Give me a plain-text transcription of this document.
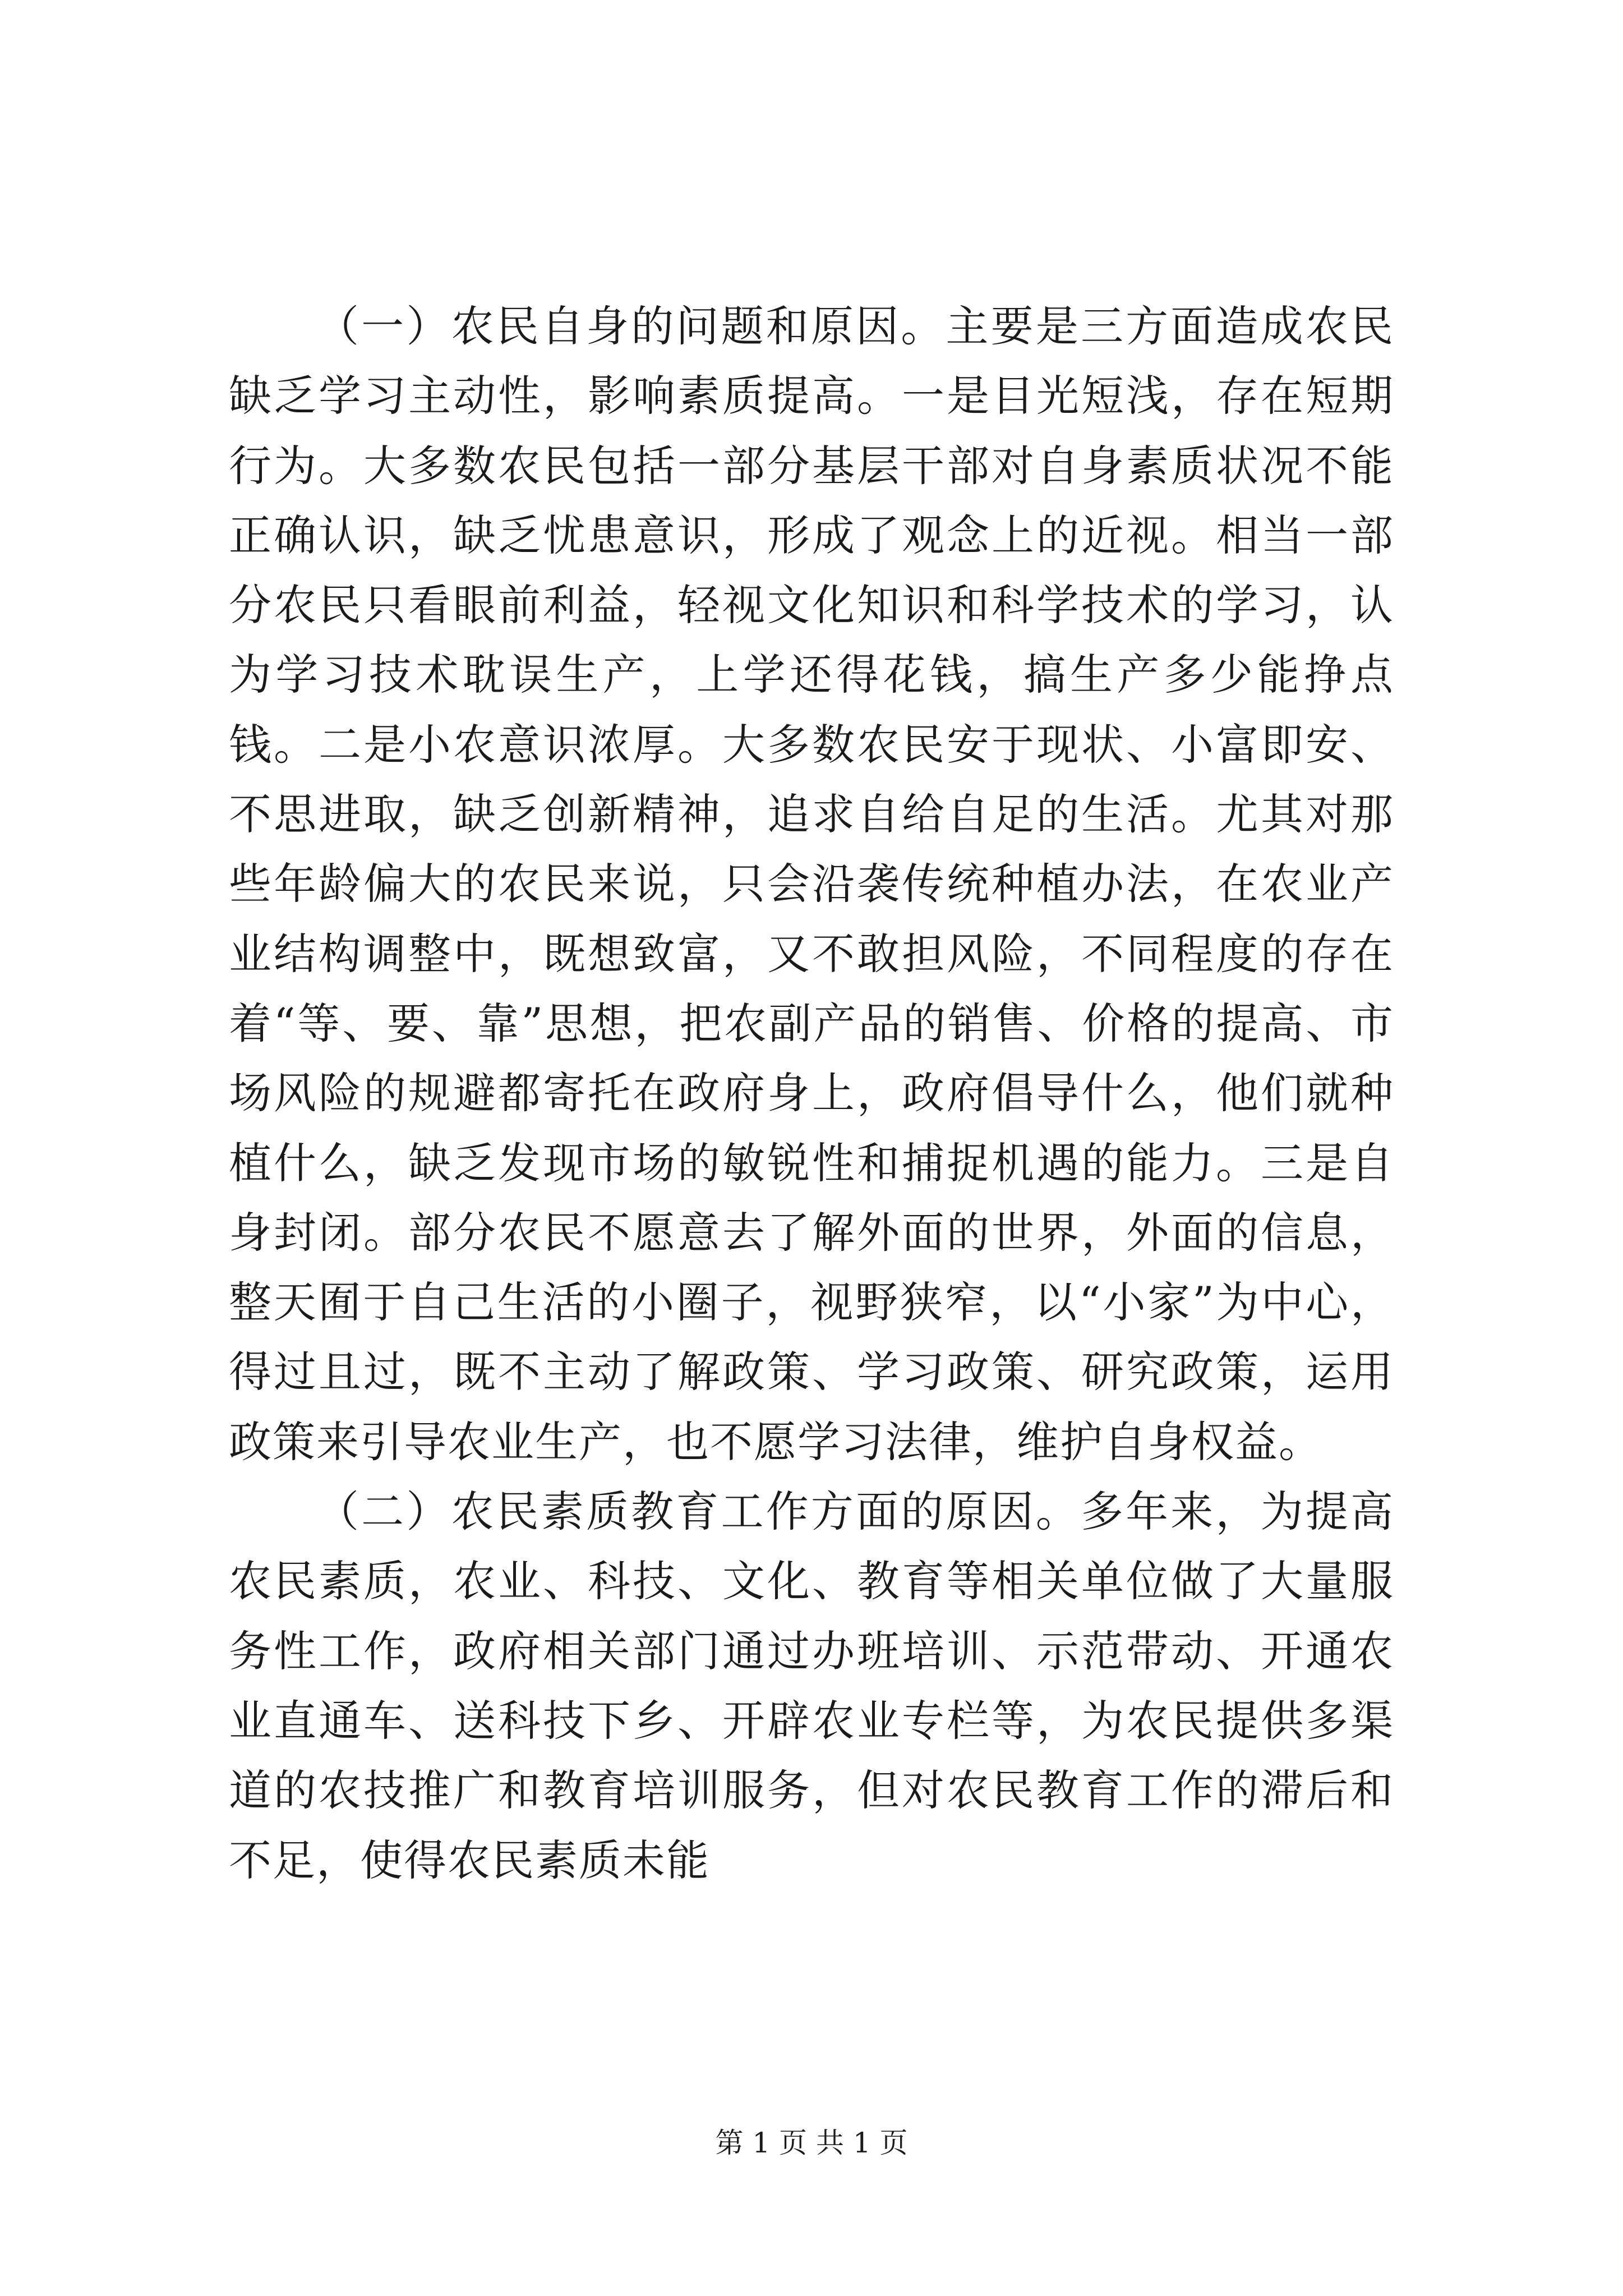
（一）农民自身的问题和原因。主要是三方面造成农民缺乏学习主动性，影响素质提高。一是目光短浅，存在短期行为。大多数农民包括一部分基层干部对自身素质状况不能正确认识，缺乏忧患意识，形成了观念上的近视。相当一部分农民只看眼前利益，轻视文化知识和科学技术的学习，认为学习技术耽误生产，上学还得花钱，搞生产多少能挣点钱。二是小农意识浓厚。大多数农民安于现状、小富即安、不思进取，缺乏创新精神，追求自给自足的生活。尤其对那些年龄偏大的农民来说，只会沿袭传统种植办法，在农业产业结构调整中，既想致富，又不敢担风险，不同程度的存在着“等、要、靠”思想，把农副产品的销售、价格的提高、市场风险的规避都寄托在政府身上，政府倡导什么，他们就种植什么，缺乏发现市场的敏锐性和捕捉机遇的能力。三是自身封闭。部分农民不愿意去了解外面的世界，外面的信息，整天囿于自己生活的小圈子，视野狭窄，以“小家”为中心，得过且过，既不主动了解政策、学习政策、研究政策，运用政策来引导农业生产，也不愿学习法律，维护自身权益。

（二）农民素质教育工作方面的原因。多年来，为提高农民素质，农业、科技、文化、教育等相关单位做了大量服务性工作，政府相关部门通过办班培训、示范带动、开通农业直通车、送科技下乡、开辟农业专栏等，为农民提供多渠道的农技推广和教育培训服务，但对农民教育工作的滞后和不足，使得农民素质未能

第 1 页 共 1 页
